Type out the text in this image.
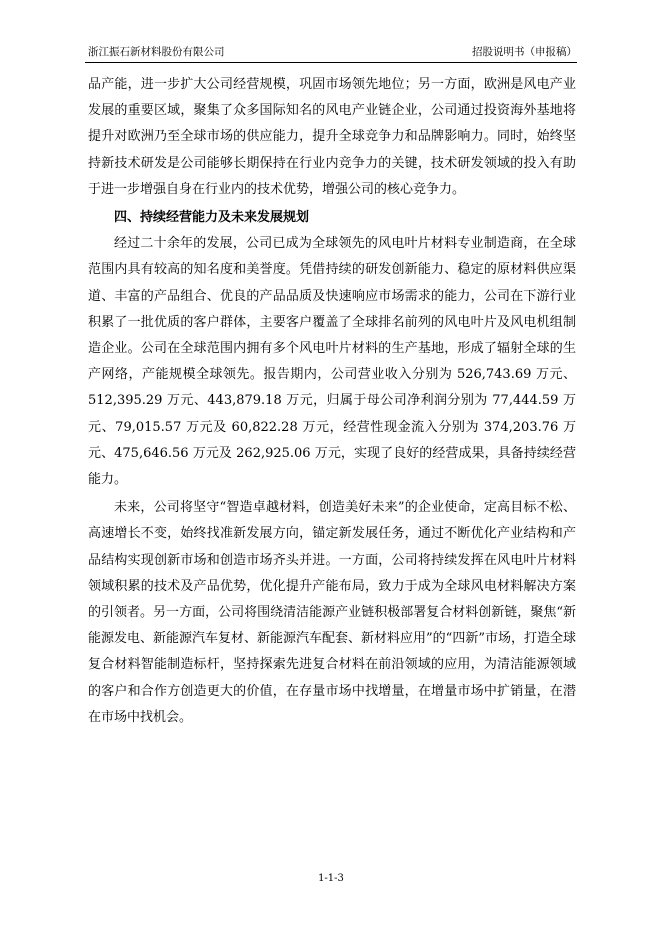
浙江振石新材料股份有限公司	招股说明书（申报稿）

品产能，进一步扩大公司经营规模，巩固市场领先地位；另一方面，欧洲是风电产业发展的重要区域，聚集了众多国际知名的风电产业链企业，公司通过投资海外基地将提升对欧洲乃至全球市场的供应能力，提升全球竞争力和品牌影响力。同时，始终坚持新技术研发是公司能够长期保持在行业内竞争力的关键，技术研发领域的投入有助于进一步增强自身在行业内的技术优势，增强公司的核心竞争力。

四、持续经营能力及未来发展规划

经过二十余年的发展，公司已成为全球领先的风电叶片材料专业制造商，在全球范围内具有较高的知名度和美誉度。凭借持续的研发创新能力、稳定的原材料供应渠道、丰富的产品组合、优良的产品品质及快速响应市场需求的能力，公司在下游行业积累了一批优质的客户群体，主要客户覆盖了全球排名前列的风电叶片及风电机组制造企业。公司在全球范围内拥有多个风电叶片材料的生产基地，形成了辐射全球的生产网络，产能规模全球领先。报告期内，公司营业收入分别为 526,743.69 万元、512,395.29 万元、443,879.18 万元，归属于母公司净利润分别为 77,444.59 万元、79,015.57 万元及 60,822.28 万元，经营性现金流入分别为 374,203.76 万元、475,646.56 万元及 262,925.06 万元，实现了良好的经营成果，具备持续经营能力。

未来，公司将坚守“智造卓越材料，创造美好未来”的企业使命，定高目标不松、高速增长不变，始终找准新发展方向，锚定新发展任务，通过不断优化产业结构和产品结构实现创新市场和创造市场齐头并进。一方面，公司将持续发挥在风电叶片材料领域积累的技术及产品优势，优化提升产能布局，致力于成为全球风电材料解决方案的引领者。另一方面，公司将围绕清洁能源产业链积极部署复合材料创新链，聚焦“新能源发电、新能源汽车复材、新能源汽车配套、新材料应用”的“四新”市场，打造全球复合材料智能制造标杆，坚持探索先进复合材料在前沿领域的应用，为清洁能源领域的客户和合作方创造更大的价值，在存量市场中找增量，在增量市场中扩销量，在潜在市场中找机会。

1-1-3
